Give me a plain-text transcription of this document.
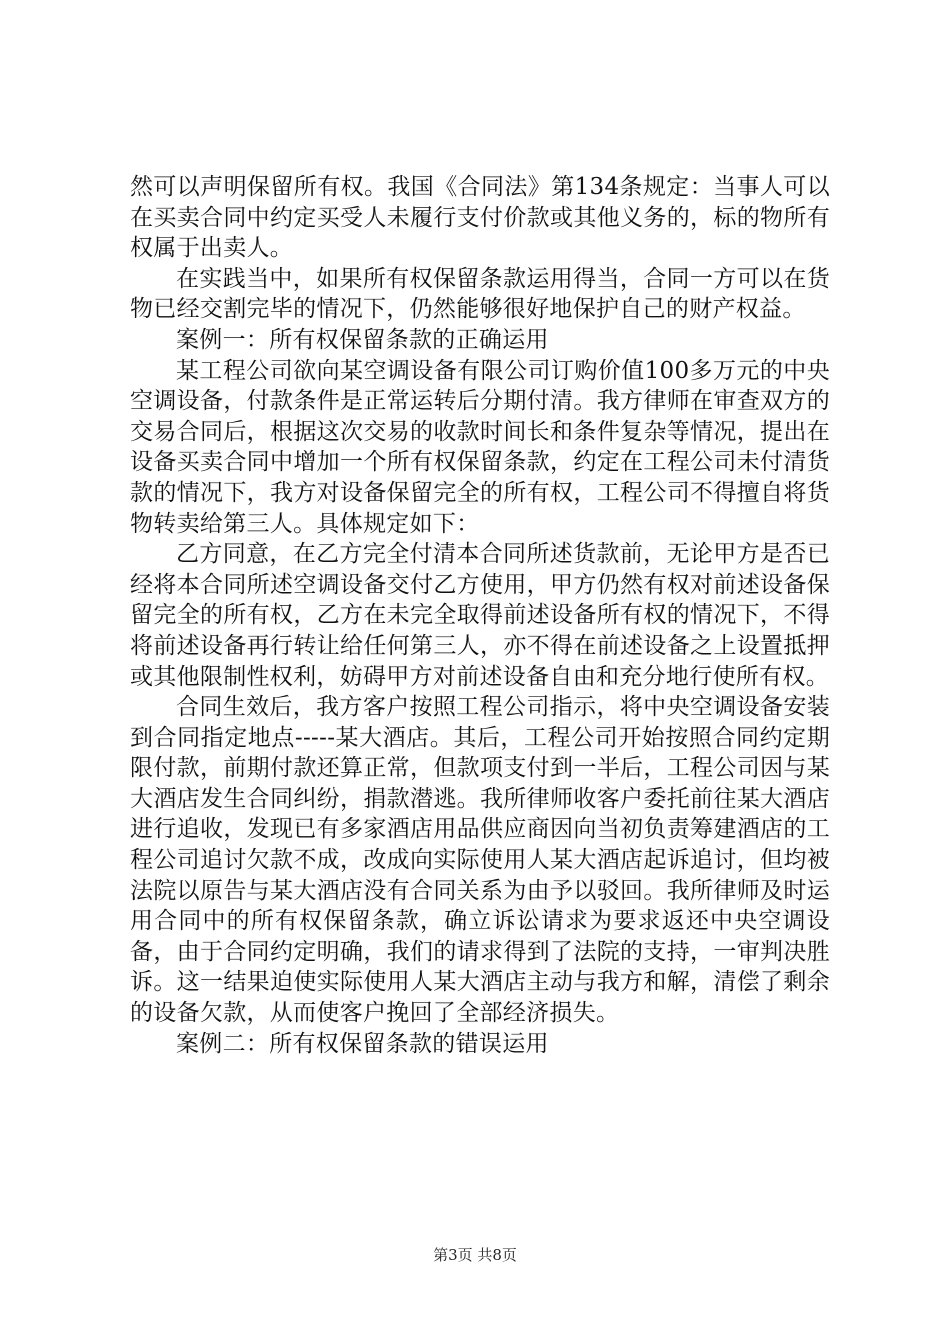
然可以声明保留所有权。我国《合同法》第134条规定：当事人可以在买卖合同中约定买受人未履行支付价款或其他义务的，标的物所有权属于出卖人。

在实践当中，如果所有权保留条款运用得当，合同一方可以在货物已经交割完毕的情况下，仍然能够很好地保护自己的财产权益。

案例一：所有权保留条款的正确运用

某工程公司欲向某空调设备有限公司订购价值100多万元的中央空调设备，付款条件是正常运转后分期付清。我方律师在审查双方的交易合同后，根据这次交易的收款时间长和条件复杂等情况，提出在设备买卖合同中增加一个所有权保留条款，约定在工程公司未付清货款的情况下，我方对设备保留完全的所有权，工程公司不得擅自将货物转卖给第三人。具体规定如下：

乙方同意，在乙方完全付清本合同所述货款前，无论甲方是否已经将本合同所述空调设备交付乙方使用，甲方仍然有权对前述设备保留完全的所有权，乙方在未完全取得前述设备所有权的情况下，不得将前述设备再行转让给任何第三人，亦不得在前述设备之上设置抵押或其他限制性权利，妨碍甲方对前述设备自由和充分地行使所有权。

合同生效后，我方客户按照工程公司指示，将中央空调设备安装到合同指定地点-----某大酒店。其后，工程公司开始按照合同约定期限付款，前期付款还算正常，但款项支付到一半后，工程公司因与某大酒店发生合同纠纷，捐款潜逃。我所律师收客户委托前往某大酒店进行追收，发现已有多家酒店用品供应商因向当初负责筹建酒店的工程公司追讨欠款不成，改成向实际使用人某大酒店起诉追讨，但均被法院以原告与某大酒店没有合同关系为由予以驳回。我所律师及时运用合同中的所有权保留条款，确立诉讼请求为要求返还中央空调设备，由于合同约定明确，我们的请求得到了法院的支持，一审判决胜诉。这一结果迫使实际使用人某大酒店主动与我方和解，清偿了剩余的设备欠款，从而使客户挽回了全部经济损失。

案例二：所有权保留条款的错误运用

第3页 共8页
